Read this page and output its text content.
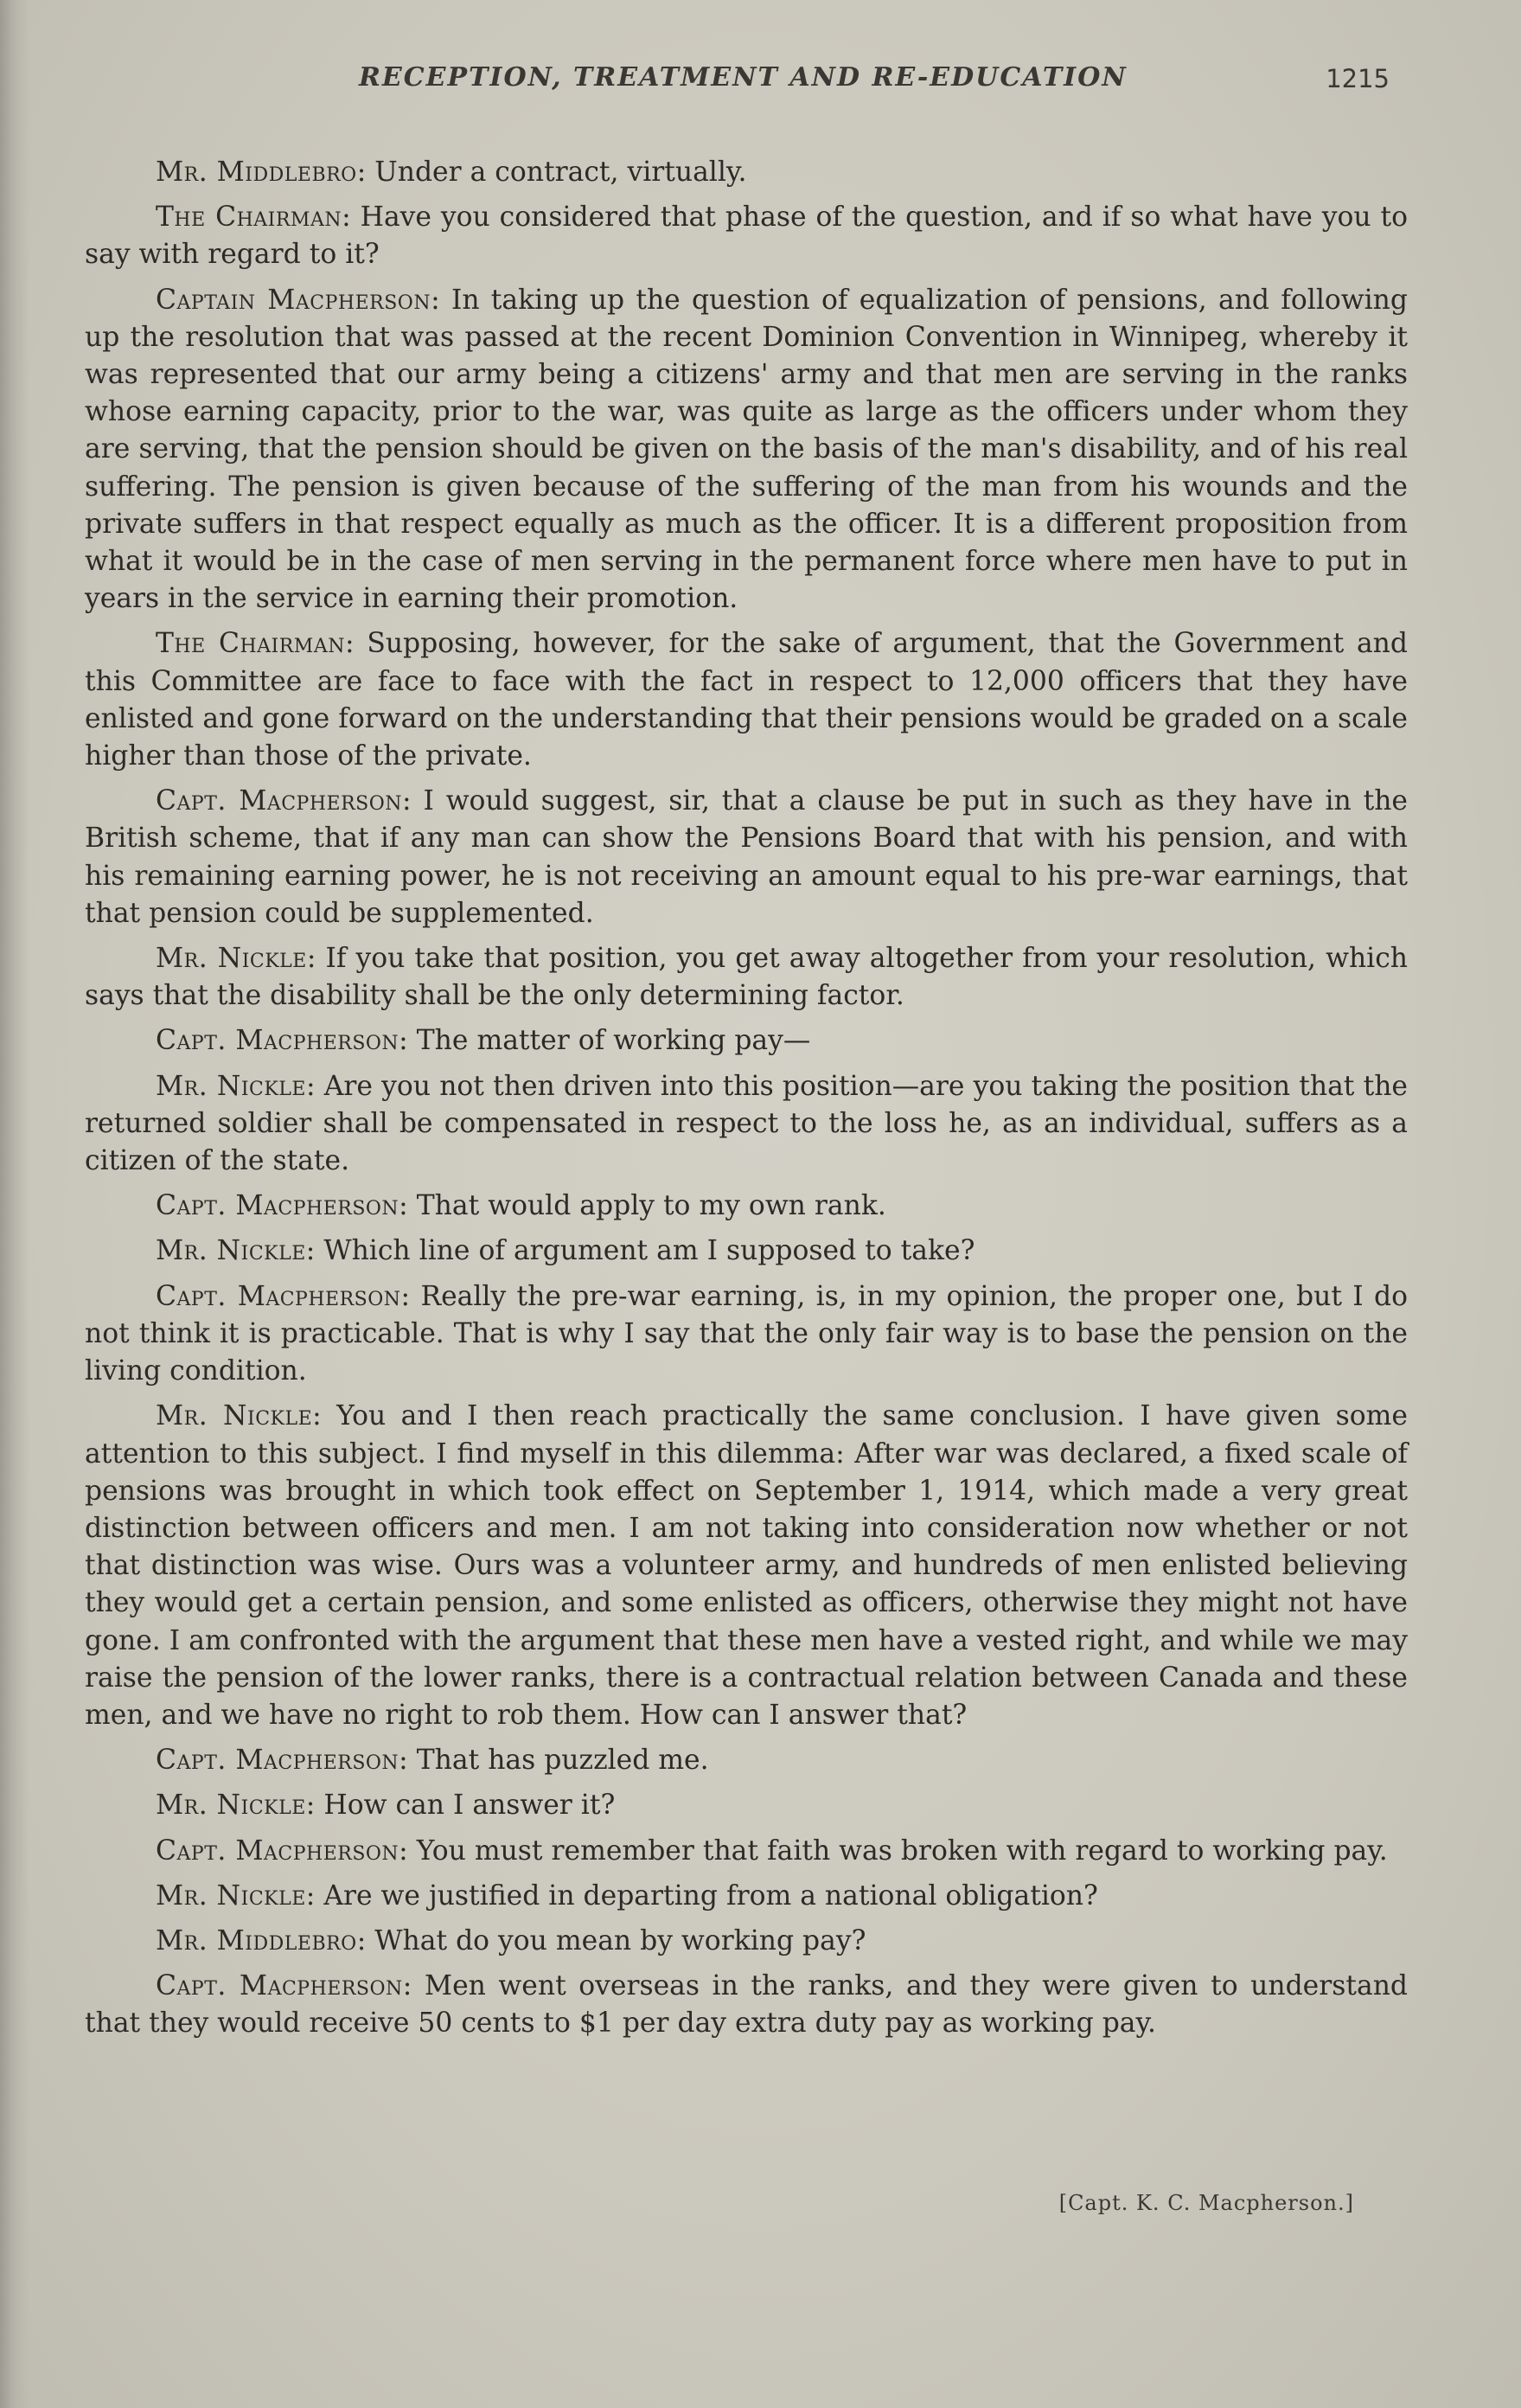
RECEPTION, TREATMENT AND RE-EDUCATION	1215

Mr. Middlebro: Under a contract, virtually.

The Chairman: Have you considered that phase of the question, and if so what have you to say with regard to it?

Captain Macpherson: In taking up the question of equalization of pensions, and following up the resolution that was passed at the recent Dominion Convention in Winnipeg, whereby it was represented that our army being a citizens' army and that men are serving in the ranks whose earning capacity, prior to the war, was quite as large as the officers under whom they are serving, that the pension should be given on the basis of the man's disability, and of his real suffering. The pension is given because of the suffering of the man from his wounds and the private suffers in that respect equally as much as the officer. It is a different proposition from what it would be in the case of men serving in the permanent force where men have to put in years in the service in earning their promotion.

The Chairman: Supposing, however, for the sake of argument, that the Government and this Committee are face to face with the fact in respect to 12,000 officers that they have enlisted and gone forward on the understanding that their pensions would be graded on a scale higher than those of the private.

Capt. Macpherson: I would suggest, sir, that a clause be put in such as they have in the British scheme, that if any man can show the Pensions Board that with his pension, and with his remaining earning power, he is not receiving an amount equal to his pre-war earnings, that that pension could be supplemented.

Mr. Nickle: If you take that position, you get away altogether from your resolution, which says that the disability shall be the only determining factor.

Capt. Macpherson: The matter of working pay—

Mr. Nickle: Are you not then driven into this position—are you taking the position that the returned soldier shall be compensated in respect to the loss he, as an individual, suffers as a citizen of the state.

Capt. Macpherson: That would apply to my own rank.

Mr. Nickle: Which line of argument am I supposed to take?

Capt. Macpherson: Really the pre-war earning, is, in my opinion, the proper one, but I do not think it is practicable. That is why I say that the only fair way is to base the pension on the living condition.

Mr. Nickle: You and I then reach practically the same conclusion. I have given some attention to this subject. I find myself in this dilemma: After war was declared, a fixed scale of pensions was brought in which took effect on September 1, 1914, which made a very great distinction between officers and men. I am not taking into consideration now whether or not that distinction was wise. Ours was a volunteer army, and hundreds of men enlisted believing they would get a certain pension, and some enlisted as officers, otherwise they might not have gone. I am confronted with the argument that these men have a vested right, and while we may raise the pension of the lower ranks, there is a contractual relation between Canada and these men, and we have no right to rob them. How can I answer that?

Capt. Macpherson: That has puzzled me.

Mr. Nickle: How can I answer it?

Capt. Macpherson: You must remember that faith was broken with regard to working pay.

Mr. Nickle: Are we justified in departing from a national obligation?

Mr. Middlebro: What do you mean by working pay?

Capt. Macpherson: Men went overseas in the ranks, and they were given to understand that they would receive 50 cents to $1 per day extra duty pay as working pay.

[Capt. K. C. Macpherson.]
